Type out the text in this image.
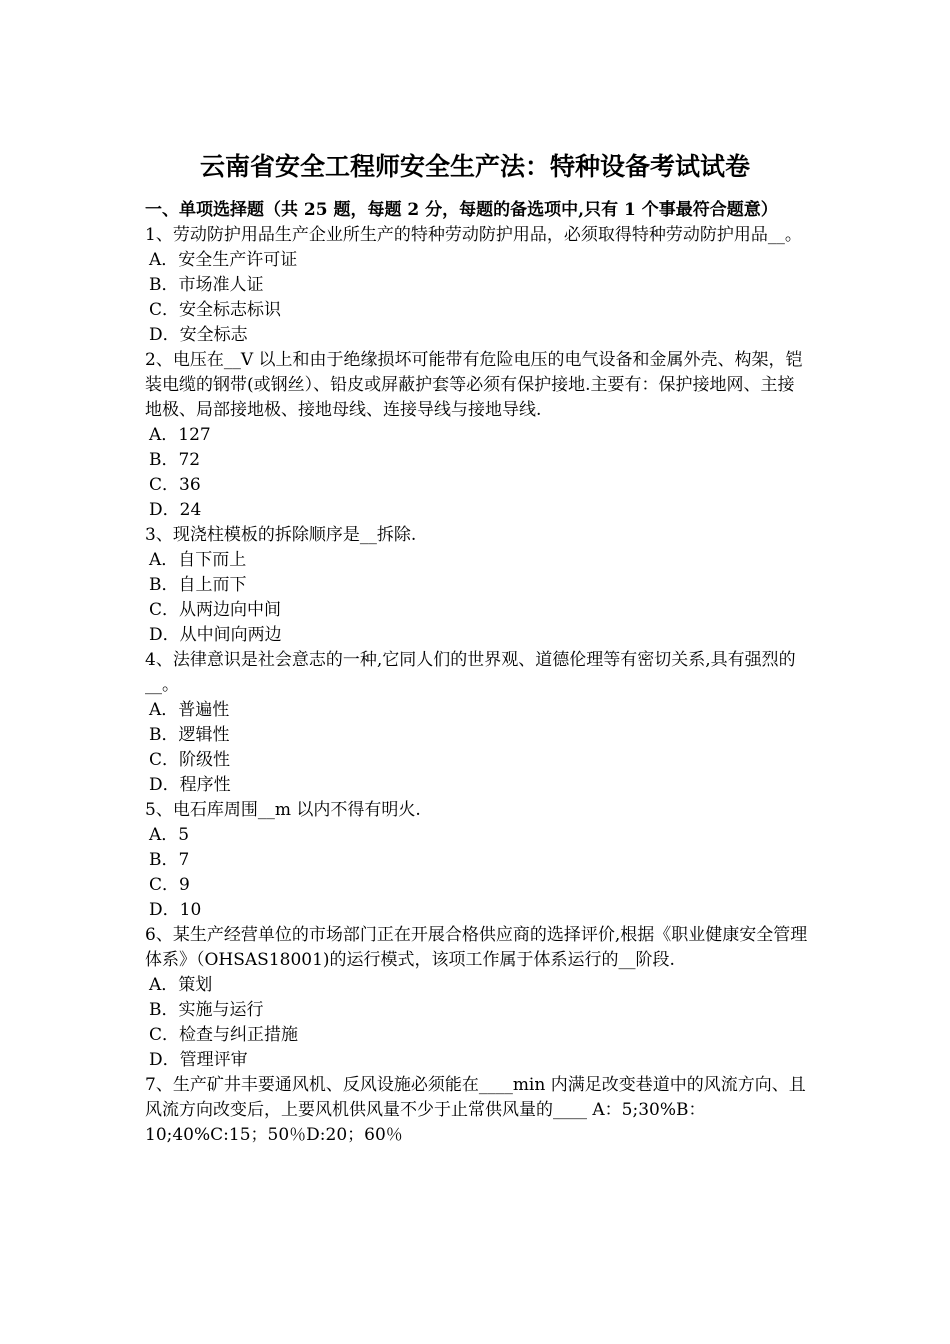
云南省安全工程师安全生产法：特种设备考试试卷

一、单项选择题（共 25 题，每题 2 分，每题的备选项中,只有 1 个事最符合题意）

1、劳动防护用品生产企业所生产的特种劳动防护用品，必须取得特种劳动防护用品__。

A．安全生产许可证
B．市场准人证
C．安全标志标识
D．安全标志

2、电压在__V 以上和由于绝缘损坏可能带有危险电压的电气设备和金属外壳、构架，铠装电缆的钢带(或钢丝）、铅皮或屏蔽护套等必须有保护接地.主要有：保护接地网、主接地极、局部接地极、接地母线、连接导线与接地导线.

A．127
B．72
C．36
D．24

3、现浇柱模板的拆除顺序是__拆除.

A．自下而上
B．自上而下
C．从两边向中间
D．从中间向两边

4、法律意识是社会意志的一种,它同人们的世界观、道德伦理等有密切关系,具有强烈的__。

A．普遍性
B．逻辑性
C．阶级性
D．程序性

5、电石库周围__m 以内不得有明火.

A．5
B．7
C．9
D．10

6、某生产经营单位的市场部门正在开展合格供应商的选择评价,根据《职业健康安全管理体系》（OHSAS18001)的运行模式，该项工作属于体系运行的__阶段.

A．策划
B．实施与运行
C．检查与纠正措施
D．管理评审

7、生产矿井丰要通风机、反风设施必须能在____min 内满足改变巷道中的风流方向、且风流方向改变后，上要风机供风量不少于止常供风量的____ A：5;30%B：10;40%C:15；50％D:20；60％
